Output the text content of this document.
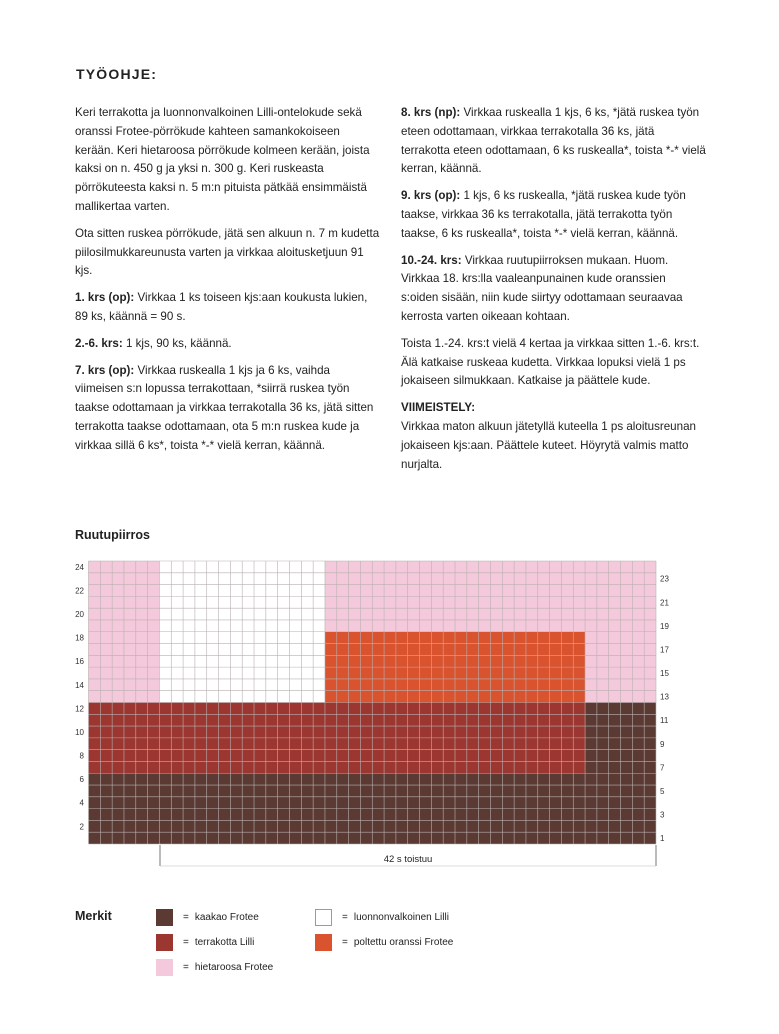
TYÖOHJE:

Keri terrakotta ja luonnonvalkoinen Lilli-ontelokude sekä oranssi Frotee-pörrökude kahteen samankokoiseen kerään. Keri hietaroosa pörrökude kolmeen kerään, joista kaksi on n. 450 g ja yksi n. 300 g. Keri ruskeasta pörrökuteesta kaksi n. 5 m:n pituista pätkää ensimmäistä mallikertaa varten.

Ota sitten ruskea pörrökude, jätä sen alkuun n. 7 m kudetta piilosilmukkareunusta varten ja virkkaa aloitusketjuun 91 kjs.

1. krs (op): Virkkaa 1 ks toiseen kjs:aan koukusta lukien, 89 ks, käännä = 90 s.

2.-6. krs: 1 kjs, 90 ks, käännä.

7. krs (op): Virkkaa ruskealla 1 kjs ja 6 ks, vaihda viimeisen s:n lopussa terrakottaan, *siirrä ruskea työn taakse odottamaan ja virkkaa terrakotalla 36 ks, jätä sitten terrakotta taakse odottamaan, ota 5 m:n ruskea kude ja virkkaa sillä 6 ks*, toista *-* vielä kerran, käännä.

8. krs (np): Virkkaa ruskealla 1 kjs, 6 ks, *jätä ruskea työn eteen odottamaan, virkkaa terrakotalla 36 ks, jätä terrakotta eteen odottamaan, 6 ks ruskealla*, toista *-* vielä kerran, käännä.

9. krs (op): 1 kjs, 6 ks ruskealla, *jätä ruskea kude työn taakse, virkkaa 36 ks terrakotalla, jätä terrakotta työn taakse, 6 ks ruskealla*, toista *-* vielä kerran, käännä.

10.-24. krs: Virkkaa ruutupiirroksen mukaan. Huom. Virkkaa 18. krs:lla vaaleanpunainen kude oranssien s:oiden sisään, niin kude siirtyy odottamaan seuraavaa kerrosta varten oikeaan kohtaan.

Toista 1.-24. krs:t vielä 4 kertaa ja virkkaa sitten 1.-6. krs:t. Älä katkaise ruskeaa kudetta. Virkkaa lopuksi vielä 1 ps jokaiseen silmukkaan. Katkaise ja päättele kude.

VIIMEISTELY:
Virkkaa maton alkuun jätetyllä kuteella 1 ps aloitusreunan jokaiseen kjs:aan. Päättele kuteet. Höyrytä valmis matto nurjalta.

Ruutupiirros
2
4
6
8
10
12
14
16
18
20
22
24
1
3
5
7
9
11
13
15
17
19
21
23
42 s toistuu
Merkit	= kaakao Frotee
= terrakotta Lilli
= hietaroosa Frotee
= luonnonvalkoinen Lilli
= poltettu oranssi Frotee
